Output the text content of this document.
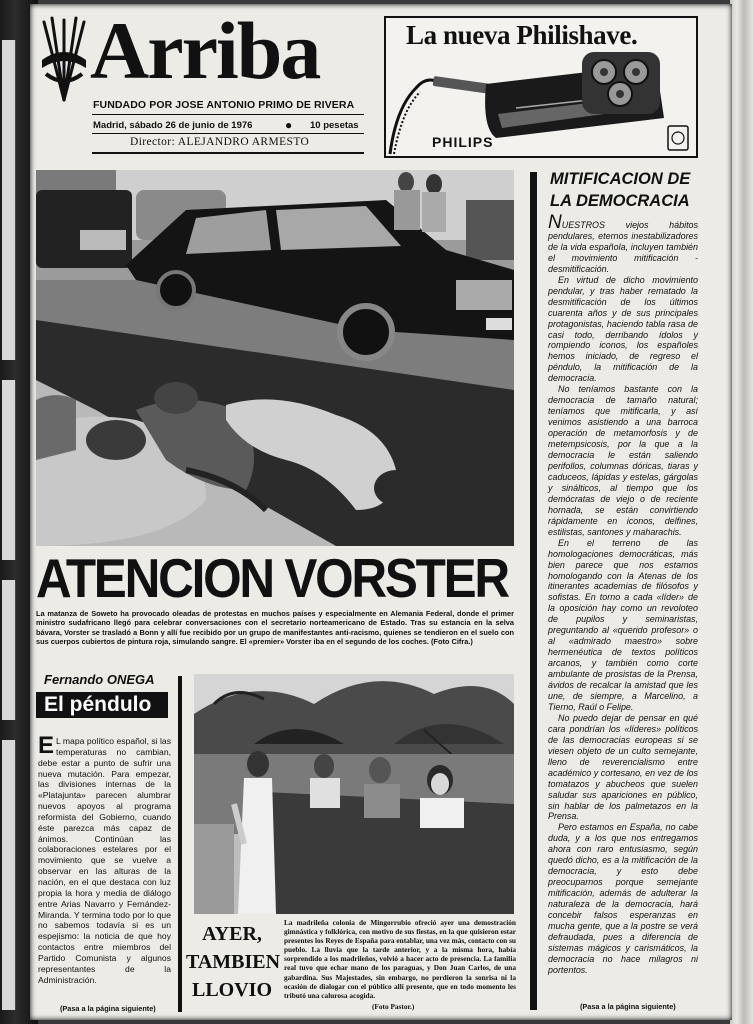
Arriba
FUNDADO POR JOSE ANTONIO PRIMO DE RIVERA
Madrid, sábado 26 de junio de 1976	● 10 pesetas
Director: ALEJANDRO ARMESTO
La nueva Philishave.
PHILIPS
ATENCION VORSTER
La matanza de Soweto ha provocado oleadas de protestas en muchos países y especialmente en Alemania Federal, donde el primer ministro sudafricano llegó para celebrar conversaciones con el secretario norteamericano de Estado. Tras su estancia en la selva bávara, Vorster se trasladó a Bonn y allí fue recibido por un grupo de manifestantes anti-racismo, quienes se tendieron en el suelo con sus cuerpos cubiertos de pintura roja, simulando sangre. El «premier» Vorster iba en el segundo de los coches. (Foto Cifra.)
Fernando ONEGA
El péndulo
E L mapa político español, si las temperaturas no cambian, debe estar a punto de sufrir una nueva mutación. Para empezar, las divisiones internas de la «Platajunta» parecen alumbrar nuevos apoyos al programa reformista del Gobierno, cuando éste parezca más capaz de ánimos. Continúan las colaboraciones estelares por el movimiento que se vuelve a observar en las alturas de la nación, en el que destaca con luz propia la hora y media de diálogo entre Arias Navarro y Fernández-Miranda. Y termina todo por lo que no sabemos todavía si es un espejismo: la noticia de que hoy contactos entre miembros del Partido Comunista y algunos representantes de la Administración.
(Pasa a la página siguiente)
AYER, TAMBIEN LLOVIO
La madrileña colonia de Mingorrubio ofreció ayer una demostración gimnástica y folklórica, con motivo de sus fiestas, en la que quisieron estar presentes los Reyes de España para entablar, una vez más, contacto con su pueblo. La lluvia que la tarde anterior, y a la misma hora, había sorprendido a los madrileños, volvió a hacer acto de presencia. La familia real tuvo que echar mano de los paraguas, y Don Juan Carlos, de una gabardina. Sus Majestades, sin embargo, no perdieron la sonrisa ni la ocasión de dialogar con el público allí presente, que en todo momento les tributó una calurosa acogida.
(Foto Pastor.)
MITIFICACION DE LA DEMOCRACIA

NUESTROS viejos hábitos pendulares, eternos inestabilizadores de la vida española, incluyen también el movimiento mitificación - desmitificación.

En virtud de dicho movimiento pendular, y tras haber rematado la desmitificación de los últimos cuarenta años y de sus principales protagonistas, haciendo tabla rasa de casi todo, derribando ídolos y rompiendo iconos, los españoles hemos iniciado, de regreso el péndulo, la mitificación de la democracia.

No teníamos bastante con la democracia de tamaño natural; teníamos que mitificarla, y así venimos asistiendo a una barroca operación de metamorfosis y de metempsicosis, por la que a la democracia le están saliendo perifollos, columnas dóricas, tiaras y caduceos, lápidas y estelas, gárgolas y sinálticos, al tiempo que los demócratas de viejo o de reciente hornada, se están convirtiendo rápidamente en iconos, delfines, estilistas, santones y maharachis.

En el terreno de las homologaciones democráticas, más bien parece que nos estamos homologando con la Atenas de los itinerantes academias de filósofos y sofistas. En torno a cada «líder» de la oposición hay como un revoloteo de pupilos y seminaristas, preguntando al «querido profesor» o al «admirado maestro» sobre hermenéutica de textos políticos arcanos, y también como corte ambulante de prosistas de la Prensa, ávidos de recalcar la amistad que les une, de siempre, a Marcelino, a Tierno, Raúl o Felipe.

No puedo dejar de pensar en qué cara pondrían los «líderes» políticos de las democracias europeas si se viesen objeto de un culto semejante, lleno de reverencialismo entre académico y cortesano, en vez de los tomatazos y abucheos que suelen saludar sus apariciones en público, sin hablar de los palmetazos en la Prensa.

Pero estamos en España, no cabe duda, y a los que nos entregamos ahora con raro entusiasmo, según quedó dicho, es a la mitificación de la democracia, y esto debe preocuparnos porque semejante mitificación, además de adulterar la naturaleza de la democracia, hará concebir falsos esperanzas en mucha gente, que a la postre se verá defraudada, pues a diferencia de sistemas mágicos y carismáticos, la democracia no hace milagros ni portentos.

(Pasa a la página siguiente)
